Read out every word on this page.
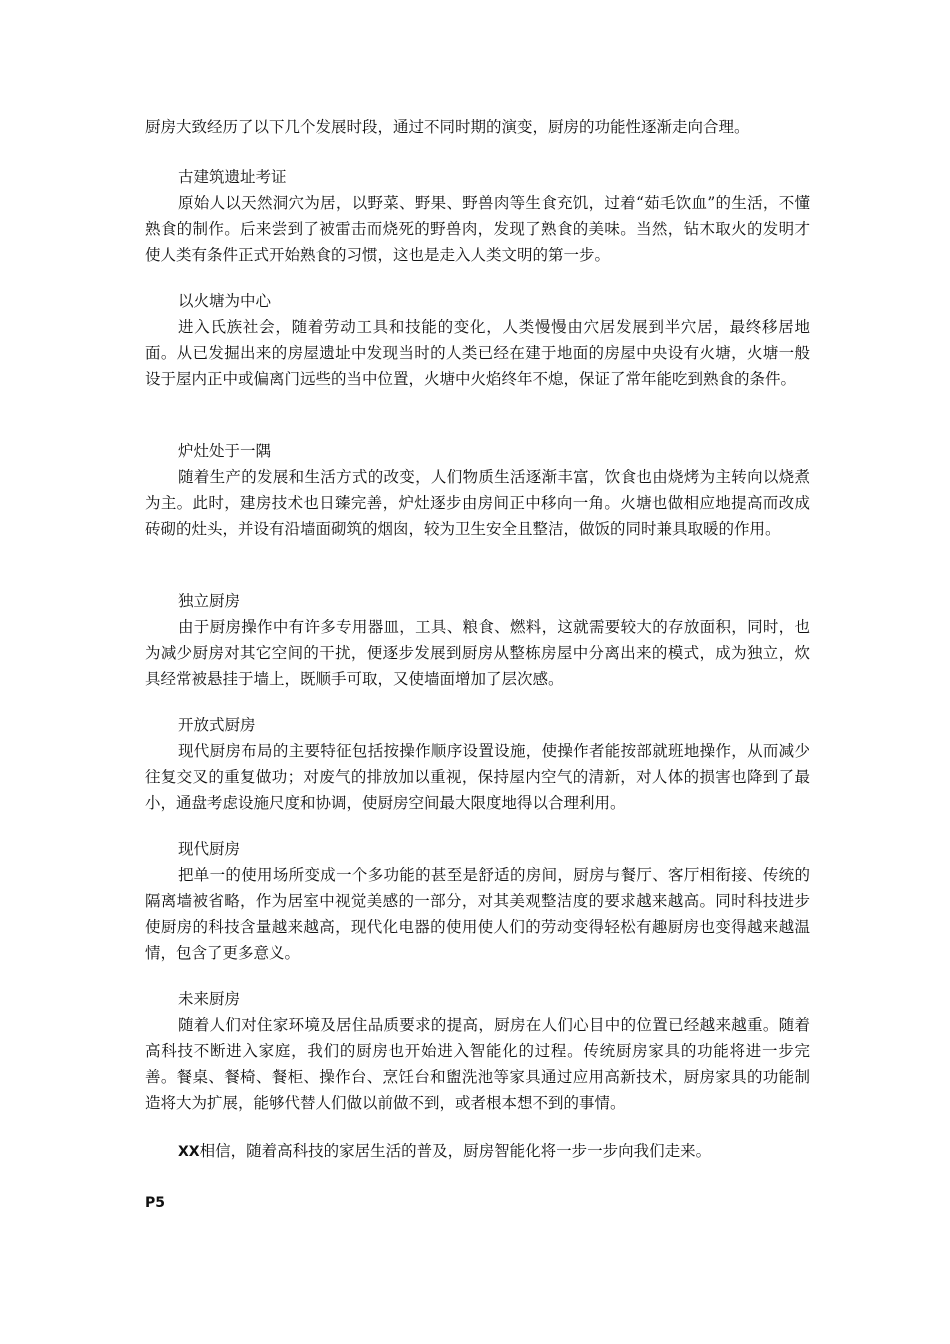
厨房大致经历了以下几个发展时段，通过不同时期的演变，厨房的功能性逐渐走向合理。

古建筑遗址考证

原始人以天然洞穴为居，以野菜、野果、野兽肉等生食充饥，过着“茹毛饮血”的生活，不懂熟食的制作。后来尝到了被雷击而烧死的野兽肉，发现了熟食的美味。当然，钻木取火的发明才使人类有条件正式开始熟食的习惯，这也是走入人类文明的第一步。

以火塘为中心

进入氏族社会，随着劳动工具和技能的变化，人类慢慢由穴居发展到半穴居，最终移居地面。从已发掘出来的房屋遗址中发现当时的人类已经在建于地面的房屋中央设有火塘，火塘一般设于屋内正中或偏离门远些的当中位置，火塘中火焰终年不熄，保证了常年能吃到熟食的条件。

炉灶处于一隅

随着生产的发展和生活方式的改变，人们物质生活逐渐丰富，饮食也由烧烤为主转向以烧煮为主。此时，建房技术也日臻完善，炉灶逐步由房间正中移向一角。火塘也做相应地提高而改成砖砌的灶头，并设有沿墙面砌筑的烟囱，较为卫生安全且整洁，做饭的同时兼具取暖的作用。

独立厨房

由于厨房操作中有许多专用器皿，工具、粮食、燃料，这就需要较大的存放面积，同时，也为减少厨房对其它空间的干扰，便逐步发展到厨房从整栋房屋中分离出来的模式，成为独立，炊具经常被悬挂于墙上，既顺手可取，又使墙面增加了层次感。

开放式厨房

现代厨房布局的主要特征包括按操作顺序设置设施，使操作者能按部就班地操作，从而减少往复交叉的重复做功；对废气的排放加以重视，保持屋内空气的清新，对人体的损害也降到了最小，通盘考虑设施尺度和协调，使厨房空间最大限度地得以合理利用。

现代厨房

把单一的使用场所变成一个多功能的甚至是舒适的房间，厨房与餐厅、客厅相衔接、传统的隔离墙被省略，作为居室中视觉美感的一部分，对其美观整洁度的要求越来越高。同时科技进步使厨房的科技含量越来越高，现代化电器的使用使人们的劳动变得轻松有趣厨房也变得越来越温情，包含了更多意义。

未来厨房

随着人们对住家环境及居住品质要求的提高，厨房在人们心目中的位置已经越来越重。随着高科技不断进入家庭，我们的厨房也开始进入智能化的过程。传统厨房家具的功能将进一步完善。餐桌、餐椅、餐柜、操作台、烹饪台和盥洗池等家具通过应用高新技术，厨房家具的功能制造将大为扩展，能够代替人们做以前做不到，或者根本想不到的事情。

XX相信，随着高科技的家居生活的普及，厨房智能化将一步一步向我们走来。

P5
